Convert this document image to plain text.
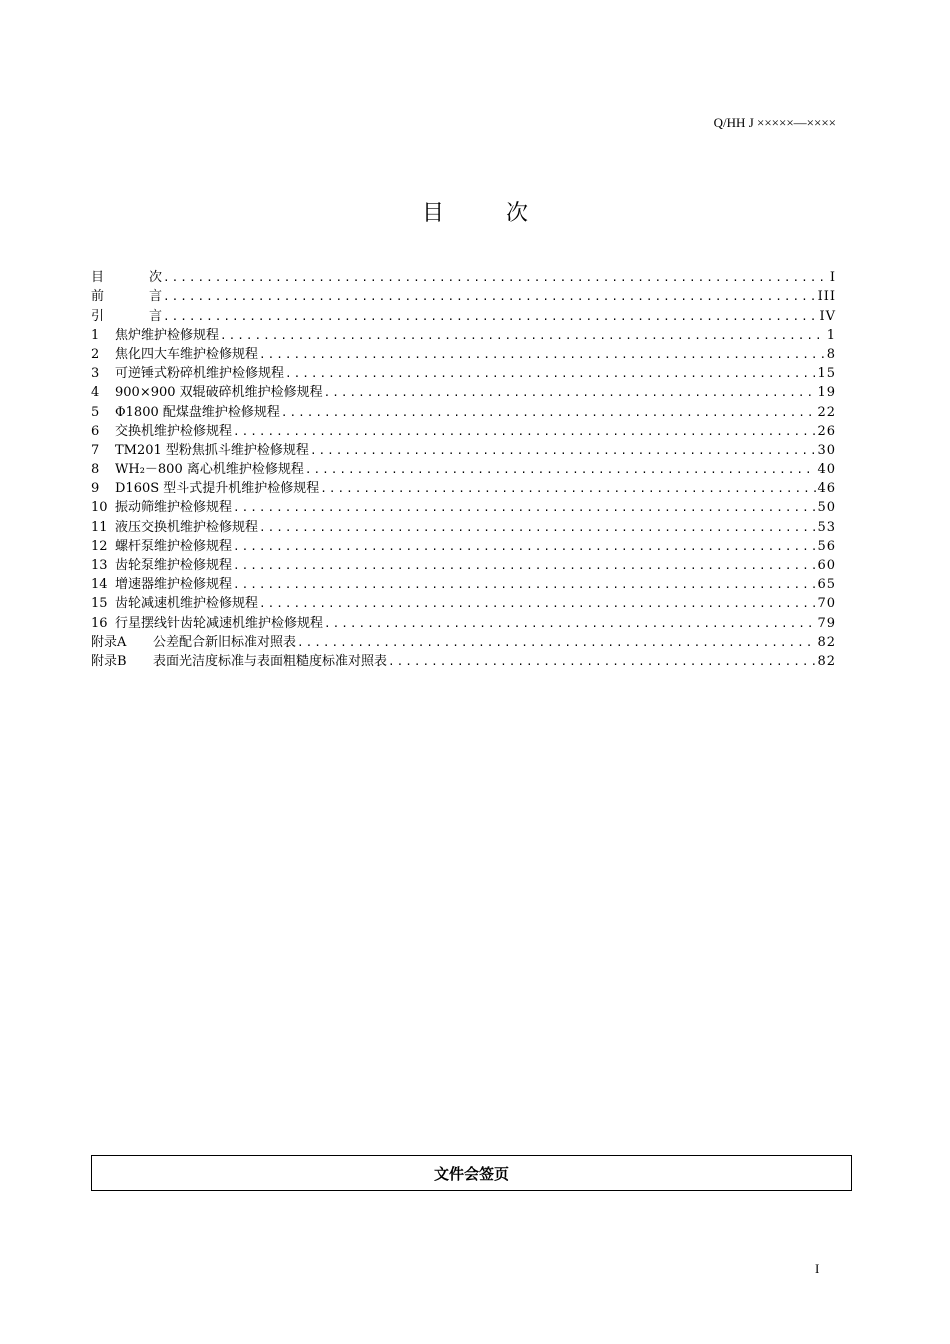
Q/HH J ×××××—××××
目	次
目	次 .....	I
前	言 .....	III
引	言 .....	IV
1 焦炉维护检修规程 .....	1
2 焦化四大车维护检修规程 .....	8
3 可逆锤式粉碎机维护检修规程 .....	15
4 900×900 双辊破碎机维护检修规程 .....	19
5 Φ1800 配煤盘维护检修规程 .....	22
6 交换机维护检修规程 .....	26
7 TM201 型粉焦抓斗维护检修规程 .....	30
8 WH₂－800 离心机维护检修规程 .....	40
9 D160S 型斗式提升机维护检修规程 .....	46
10 振动筛维护检修规程 .....	50
11 液压交换机维护检修规程 .....	53
12 螺杆泵维护检修规程 .....	56
13 齿轮泵维护检修规程 .....	60
14 增速器维护检修规程 .....	65
15 齿轮减速机维护检修规程 .....	70
16 行星摆线针齿轮减速机维护检修规程 .....	79
附录A 公差配合新旧标准对照表 .....	82
附录B 表面光洁度标准与表面粗糙度标准对照表 .....	82
文件会签页
I
